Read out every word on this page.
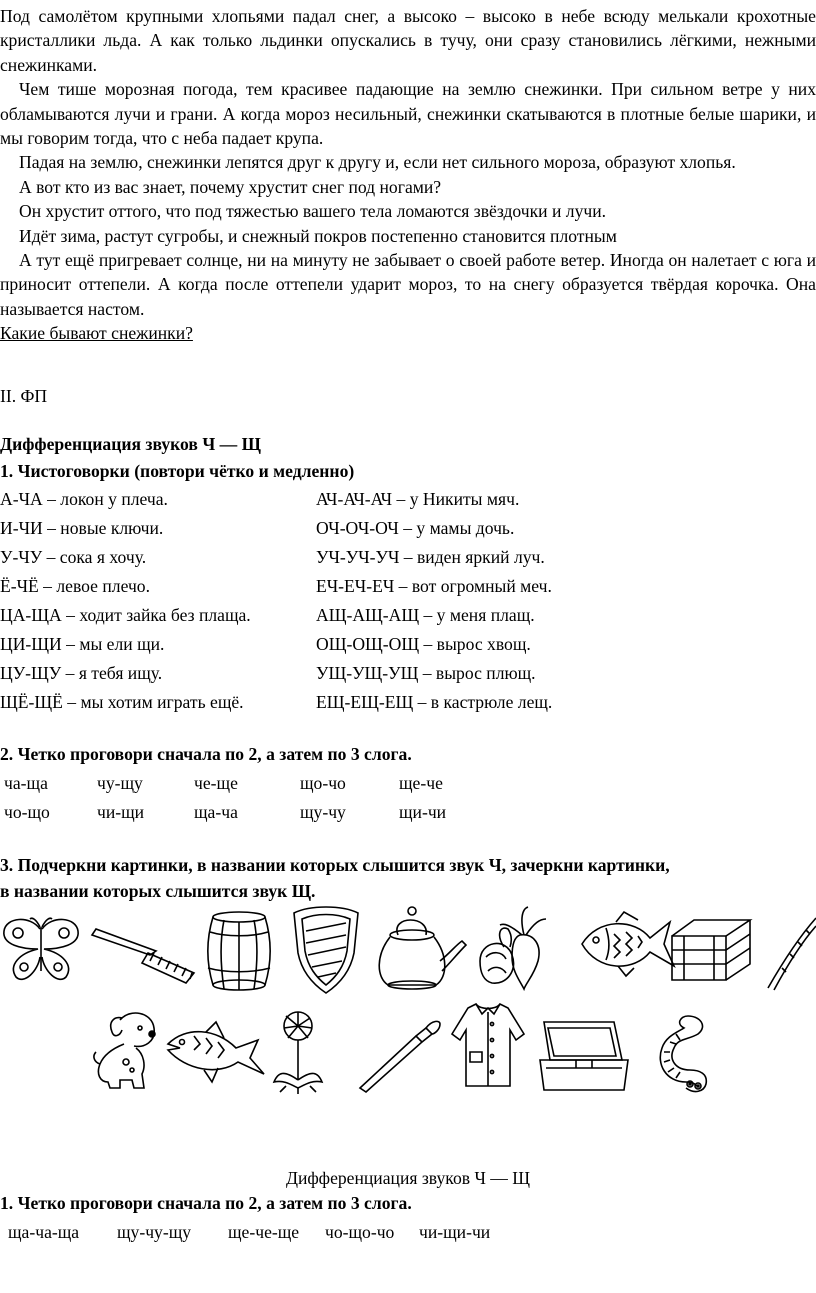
Под самолётом крупными хлопьями падал снег, а высоко – высоко в небе всюду мелькали крохотные кристаллики льда. А как только льдинки опускались в тучу, они сразу становились лёгкими, нежными снежинками.

Чем тише морозная погода, тем красивее падающие на землю снежинки. При сильном ветре у них обламываются лучи и грани. А когда мороз несильный, снежинки скатываются в плотные белые шарики, и мы говорим тогда, что с неба падает крупа.

Падая на землю, снежинки лепятся друг к другу и, если нет сильного мороза, образуют хлопья.

А вот кто из вас знает, почему хрустит снег под ногами?

Он хрустит оттого, что под тяжестью вашего тела ломаются звёздочки и лучи.

Идёт зима, растут сугробы, и снежный покров постепенно становится плотным

А тут ещё пригревает солнце, ни на минуту не забывает о своей работе ветер. Иногда он налетает с юга и приносит оттепели. А когда после оттепели ударит мороз, то на снегу образуется твёрдая корочка. Она называется настом.

Какие бывают снежинки?

II. ФП
Дифференциация звуков Ч — Щ
1. Чистоговорки (повтори чётко и медленно)
А-ЧА – локон у плеча.	АЧ-АЧ-АЧ – у Никиты мяч.
И-ЧИ – новые ключи.	ОЧ-ОЧ-ОЧ – у мамы дочь.
У-ЧУ – сока я хочу.	УЧ-УЧ-УЧ – виден яркий луч.
Ё-ЧЁ – левое плечо.	ЕЧ-ЕЧ-ЕЧ – вот огромный меч.
ЦА-ЩА – ходит зайка без плаща.	АЩ-АЩ-АЩ – у меня плащ.
ЦИ-ЩИ – мы ели щи.	ОЩ-ОЩ-ОЩ – вырос хвощ.
ЦУ-ЩУ – я тебя ищу.	УЩ-УЩ-УЩ – вырос плющ.
ЩЁ-ЩЁ – мы хотим играть ещё.	ЕЩ-ЕЩ-ЕЩ – в кастрюле лещ.
2. Четко проговори сначала по 2, а затем по 3 слога.
ча-ща	чу-щу	че-ще	що-чо	ще-че
чо-що	чи-щи	ща-ча	щу-чу	щи-чи
3. Подчеркни картинки, в названии которых слышится звук Ч, зачеркни картинки,
в названии которых слышится звук Щ.
Дифференциация звуков Ч — Щ
1. Четко проговори сначала по 2, а затем по 3 слога.
ща-ча-ща щу-чу-щу ще-че-ще чо-що-чо чи-щи-чи
